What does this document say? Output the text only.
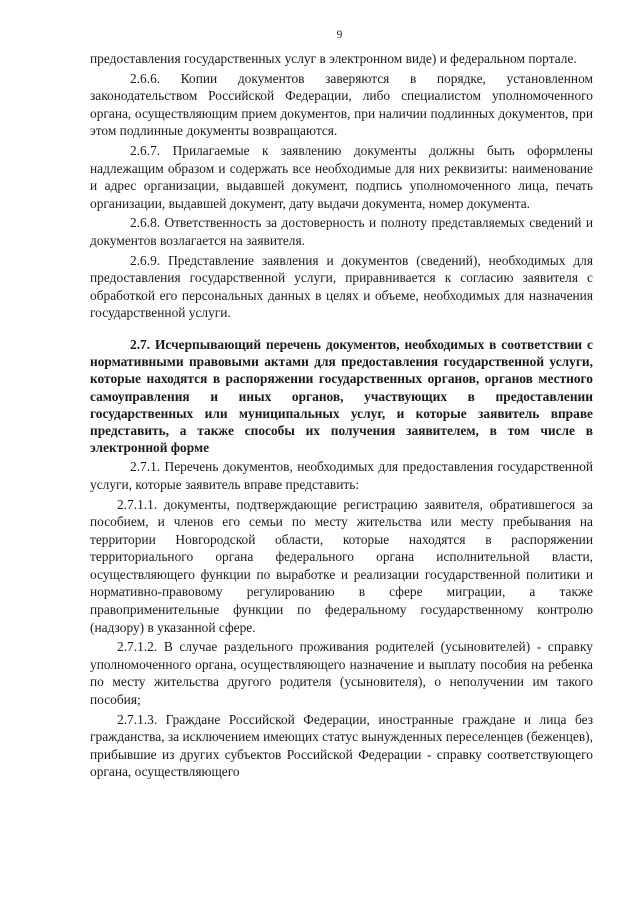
9

предоставления государственных услуг в электронном виде) и федеральном портале.

2.6.6. Копии документов заверяются в порядке, установленном законодательством Российской Федерации, либо специалистом уполномоченного органа, осуществляющим прием документов, при наличии подлинных документов, при этом подлинные документы возвращаются.

2.6.7. Прилагаемые к заявлению документы должны быть оформлены надлежащим образом и содержать все необходимые для них реквизиты: наименование и адрес организации, выдавшей документ, подпись уполномоченного лица, печать организации, выдавшей документ, дату выдачи документа, номер документа.

2.6.8. Ответственность за достоверность и полноту представляемых сведений и документов возлагается на заявителя.

2.6.9. Представление заявления и документов (сведений), необходимых для предоставления государственной услуги, приравнивается к согласию заявителя с обработкой его персональных данных в целях и объеме, необходимых для назначения государственной услуги.

2.7. Исчерпывающий перечень документов, необходимых в соответствии с нормативными правовыми актами для предоставления государственной услуги, которые находятся в распоряжении государственных органов, органов местного самоуправления и иных органов, участвующих в предоставлении государственных или муниципальных услуг, и которые заявитель вправе представить, а также способы их получения заявителем, в том числе в электронной форме

2.7.1. Перечень документов, необходимых для предоставления государственной услуги, которые заявитель вправе представить:

2.7.1.1. документы, подтверждающие регистрацию заявителя, обратившегося за пособием, и членов его семьи по месту жительства или месту пребывания на территории Новгородской области, которые находятся в распоряжении территориального органа федерального органа исполнительной власти, осуществляющего функции по выработке и реализации государственной политики и нормативно-правовому регулированию в сфере миграции, а также правоприменительные функции по федеральному государственному контролю (надзору) в указанной сфере.

2.7.1.2. В случае раздельного проживания родителей (усыновителей) - справку уполномоченного органа, осуществляющего назначение и выплату пособия на ребенка по месту жительства другого родителя (усыновителя), о неполучении им такого пособия;

2.7.1.3. Граждане Российской Федерации, иностранные граждане и лица без гражданства, за исключением имеющих статус вынужденных переселенцев (беженцев), прибывшие из других субъектов Российской Федерации - справку соответствующего органа, осуществляющего
